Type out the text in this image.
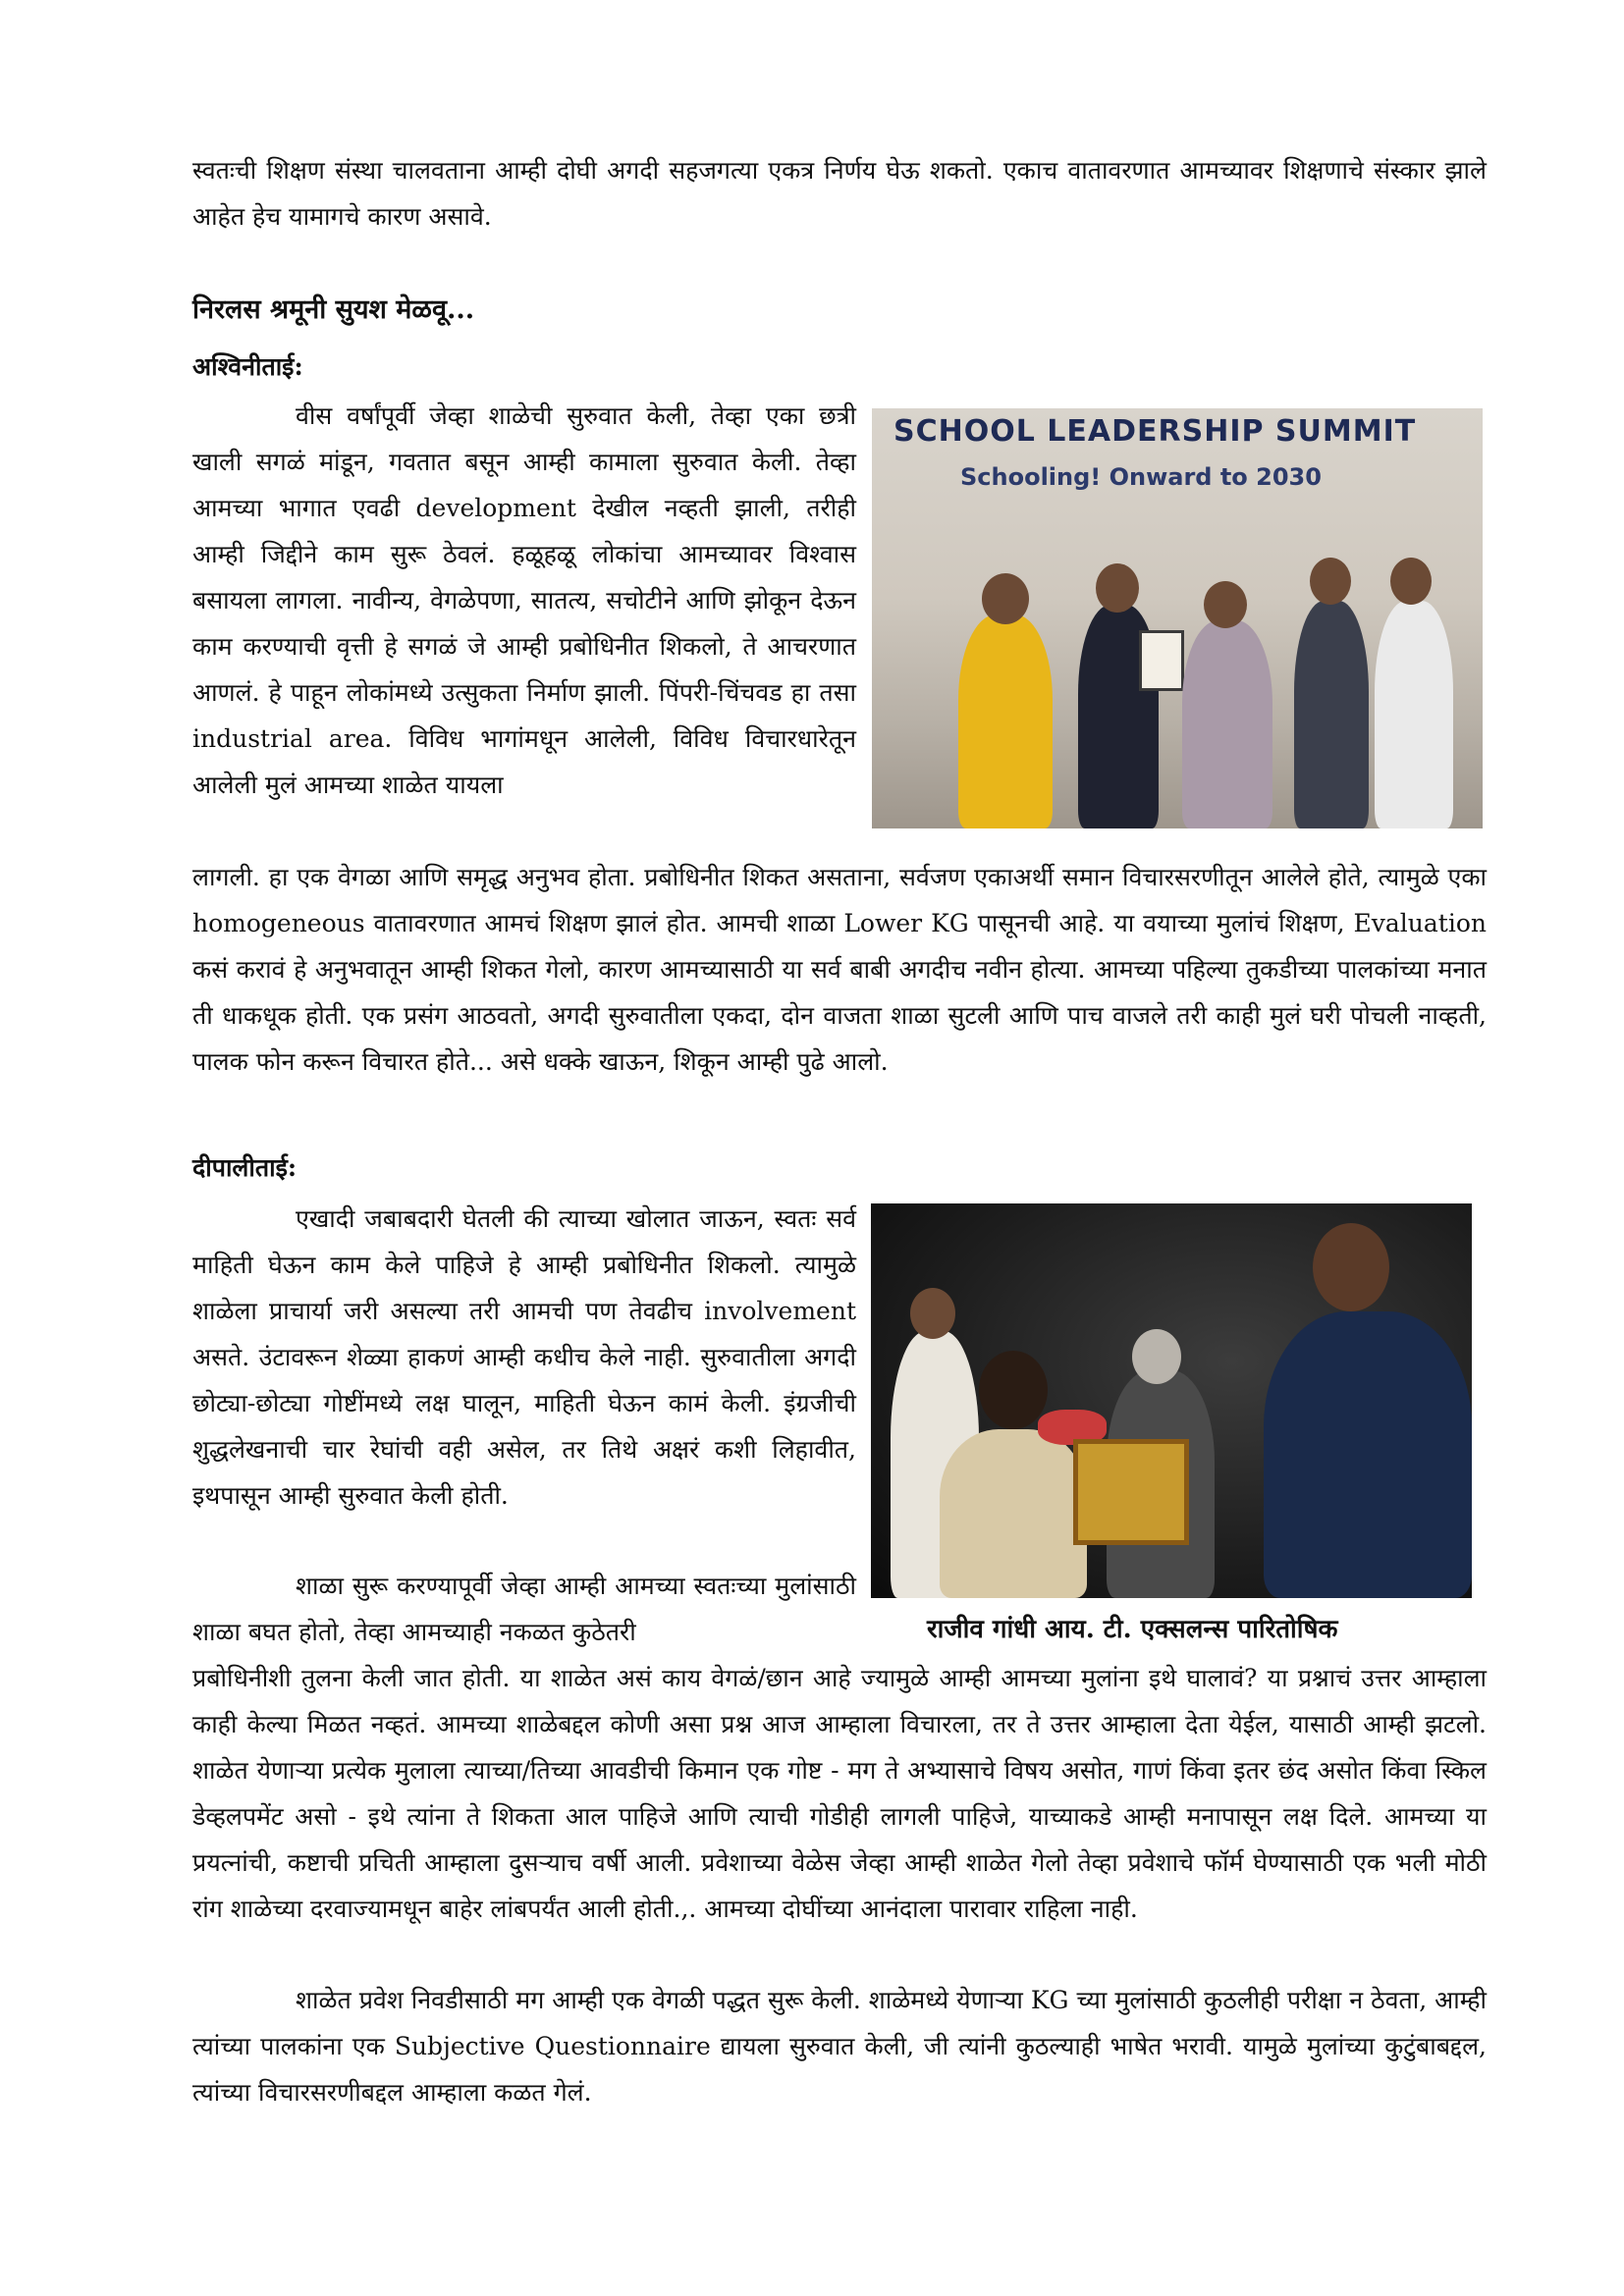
स्वतःची शिक्षण संस्था चालवताना आम्ही दोघी अगदी सहजगत्या एकत्र निर्णय घेऊ शकतो. एकाच वातावरणात आमच्यावर शिक्षणाचे संस्कार झाले आहेत हेच यामागचे कारण असावे.

निरलस श्रमूनी सुयश मेळवू...
अश्विनीताई:

वीस वर्षांपूर्वी जेव्हा शाळेची सुरुवात केली, तेव्हा एका छत्री खाली सगळं मांडून, गवतात बसून आम्ही कामाला सुरुवात केली. तेव्हा आमच्या भागात एवढी development देखील नव्हती झाली, तरीही आम्ही जिद्दीने काम सुरू ठेवलं. हळूहळू लोकांचा आमच्यावर विश्वास बसायला लागला. नावीन्य, वेगळेपणा, सातत्य, सचोटीने आणि झोकून देऊन काम करण्याची वृत्ती हे सगळं जे आम्ही प्रबोधिनीत शिकलो, ते आचरणात आणलं. हे पाहून लोकांमध्ये उत्सुकता निर्माण झाली. पिंपरी-चिंचवड हा तसा industrial area. विविध भागांमधून आलेली, विविध विचारधारेतून आलेली मुलं आमच्या शाळेत यायला

SCHOOL LEADERSHIP SUMMIT
Schooling! Onward to 2030

लागली. हा एक वेगळा आणि समृद्ध अनुभव होता. प्रबोधिनीत शिकत असताना, सर्वजण एकाअर्थी समान विचारसरणीतून आलेले होते, त्यामुळे एका homogeneous वातावरणात आमचं शिक्षण झालं होत. आमची शाळा Lower KG पासूनची आहे. या वयाच्या मुलांचं शिक्षण, Evaluation कसं करावं हे अनुभवातून आम्ही शिकत गेलो, कारण आमच्यासाठी या सर्व बाबी अगदीच नवीन होत्या. आमच्या पहिल्या तुकडीच्या पालकांच्या मनात ती धाकधूक होती. एक प्रसंग आठवतो, अगदी सुरुवातीला एकदा, दोन वाजता शाळा सुटली आणि पाच वाजले तरी काही मुलं घरी पोचली नाव्हती, पालक फोन करून विचारत होते... असे धक्के खाऊन, शिकून आम्ही पुढे आलो.

दीपालीताई:

एखादी जबाबदारी घेतली की त्याच्या खोलात जाऊन, स्वतः सर्व माहिती घेऊन काम केले पाहिजे हे आम्ही प्रबोधिनीत शिकलो. त्यामुळे शाळेला प्राचार्या जरी असल्या तरी आमची पण तेवढीच involvement असते. उंटावरून शेळ्या हाकणं आम्ही कधीच केले नाही. सुरुवातीला अगदी छोट्या-छोट्या गोष्टींमध्ये लक्ष घालून, माहिती घेऊन कामं केली. इंग्रजीची शुद्धलेखनाची चार रेघांची वही असेल, तर तिथे अक्षरं कशी लिहावीत, इथपासून आम्ही सुरुवात केली होती.

शाळा सुरू करण्यापूर्वी जेव्हा आम्ही आमच्या स्वतःच्या मुलांसाठी शाळा बघत होतो, तेव्हा आमच्याही नकळत कुठेतरी	राजीव गांधी आय. टी. एक्सलन्स पारितोषिक

प्रबोधिनीशी तुलना केली जात होती. या शाळेत असं काय वेगळं/छान आहे ज्यामुळे आम्ही आमच्या मुलांना इथे घालावं? या प्रश्नाचं उत्तर आम्हाला काही केल्या मिळत नव्हतं. आमच्या शाळेबद्दल कोणी असा प्रश्न आज आम्हाला विचारला, तर ते उत्तर आम्हाला देता येईल, यासाठी आम्ही झटलो. शाळेत येणाऱ्या प्रत्येक मुलाला त्याच्या/तिच्या आवडीची किमान एक गोष्ट - मग ते अभ्यासाचे विषय असोत, गाणं किंवा इतर छंद असोत किंवा स्किल डेव्हलपमेंट असो - इथे त्यांना ते शिकता आल पाहिजे आणि त्याची गोडीही लागली पाहिजे, याच्याकडे आम्ही मनापासून लक्ष दिले. आमच्या या प्रयत्नांची, कष्टाची प्रचिती आम्हाला दुसऱ्याच वर्षी आली. प्रवेशाच्या वेळेस जेव्हा आम्ही शाळेत गेलो तेव्हा प्रवेशाचे फॉर्म घेण्यासाठी एक भली मोठी रांग शाळेच्या दरवाज्यामधून बाहेर लांबपर्यंत आली होती.,. आमच्या दोघींच्या आनंदाला पारावार राहिला नाही.

शाळेत प्रवेश निवडीसाठी मग आम्ही एक वेगळी पद्धत सुरू केली. शाळेमध्ये येणाऱ्या KG च्या मुलांसाठी कुठलीही परीक्षा न ठेवता, आम्ही त्यांच्या पालकांना एक Subjective Questionnaire द्यायला सुरुवात केली, जी त्यांनी कुठल्याही भाषेत भरावी. यामुळे मुलांच्या कुटुंबाबद्दल, त्यांच्या विचारसरणीबद्दल आम्हाला कळत गेलं.
